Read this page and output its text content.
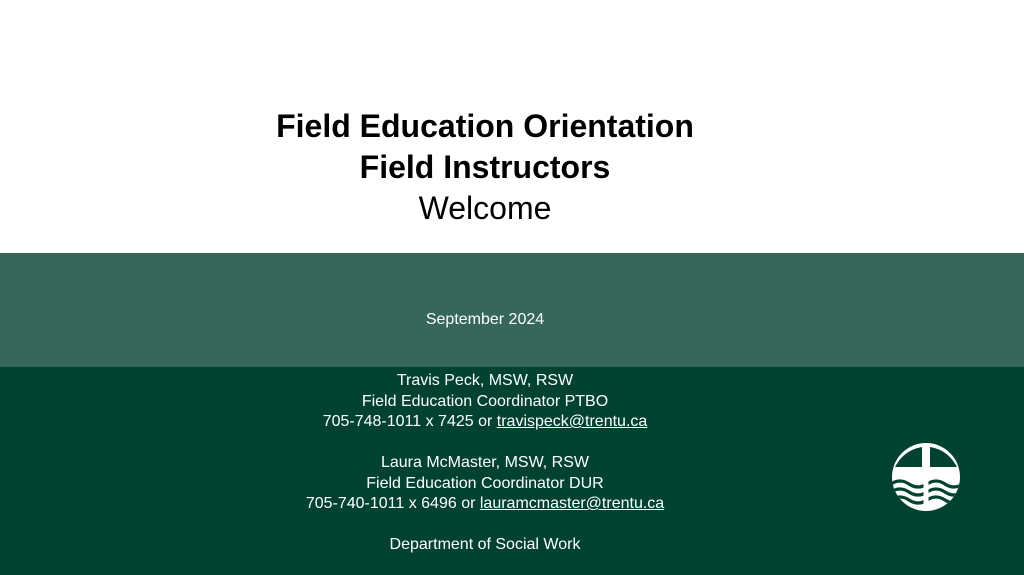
Field Education Orientation
Field Instructors
Welcome
September 2024
Travis Peck, MSW, RSW
Field Education Coordinator PTBO
705-748-1011 x 7425 or travispeck@trentu.ca
Laura McMaster, MSW, RSW
Field Education Coordinator DUR
705-740-1011 x 6496 or lauramcmaster@trentu.ca
Department of Social Work
